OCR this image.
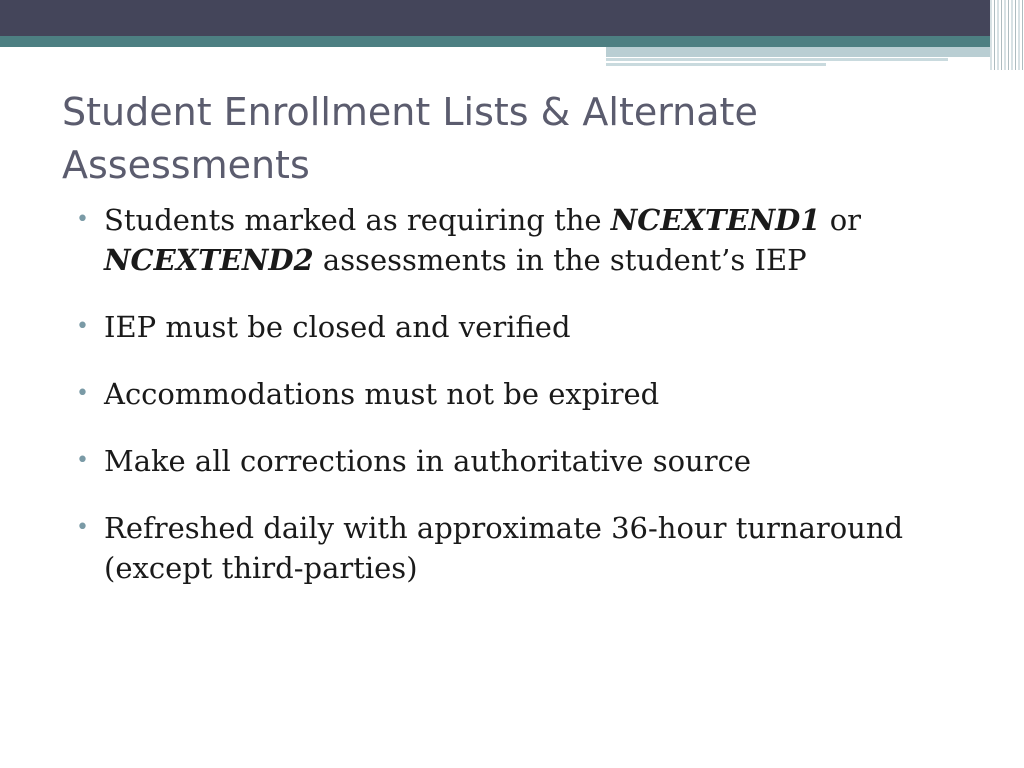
Student Enrollment Lists & Alternate Assessments
• Students marked as requiring the NCEXTEND1 or NCEXTEND2 assessments in the student’s IEP
• IEP must be closed and verified
• Accommodations must not be expired
• Make all corrections in authoritative source
• Refreshed daily with approximate 36-hour turnaround (except third-parties)
